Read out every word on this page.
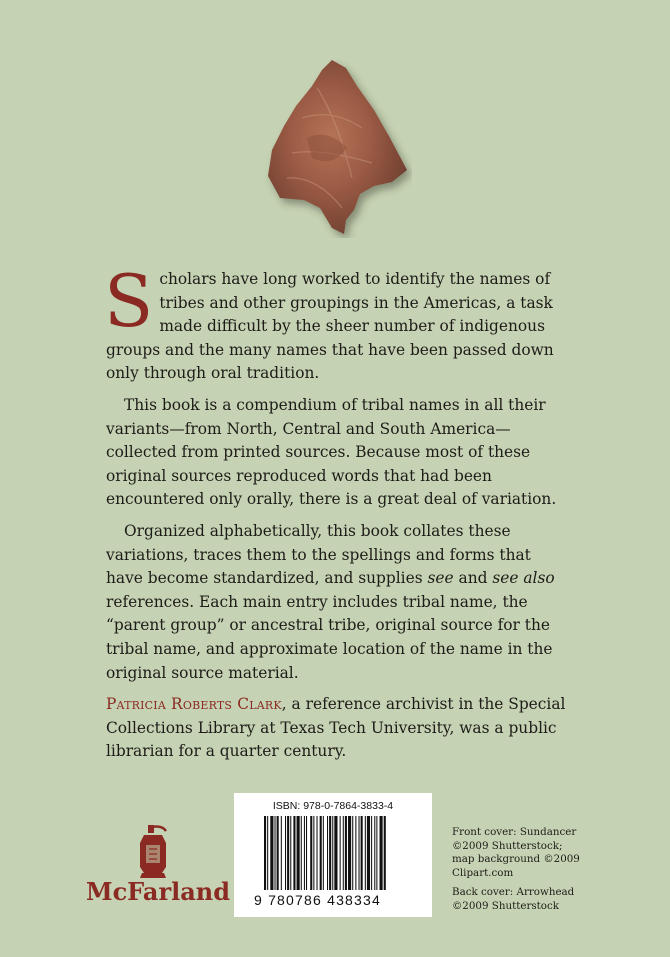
Scholars have long worked to identify the names of tribes and other groupings in the Americas, a task made difficult by the sheer number of indigenous groups and the many names that have been passed down only through oral tradition.

This book is a compendium of tribal names in all their variants—from North, Central and South America—collected from printed sources. Because most of these original sources reproduced words that had been encountered only orally, there is a great deal of variation.

Organized alphabetically, this book collates these variations, traces them to the spellings and forms that have become standardized, and supplies see and see also references. Each main entry includes tribal name, the “parent group” or ancestral tribe, original source for the tribal name, and approximate location of the name in the original source material.

Patricia Roberts Clark, a reference archivist in the Special Collections Library at Texas Tech University, was a public librarian for a quarter century.

McFarland
ISBN: 978-0-7864-3833-4
9 780786 438334
Front cover: Sundancer
©2009 Shutterstock;
map background ©2009
Clipart.com
Back cover: Arrowhead
©2009 Shutterstock
